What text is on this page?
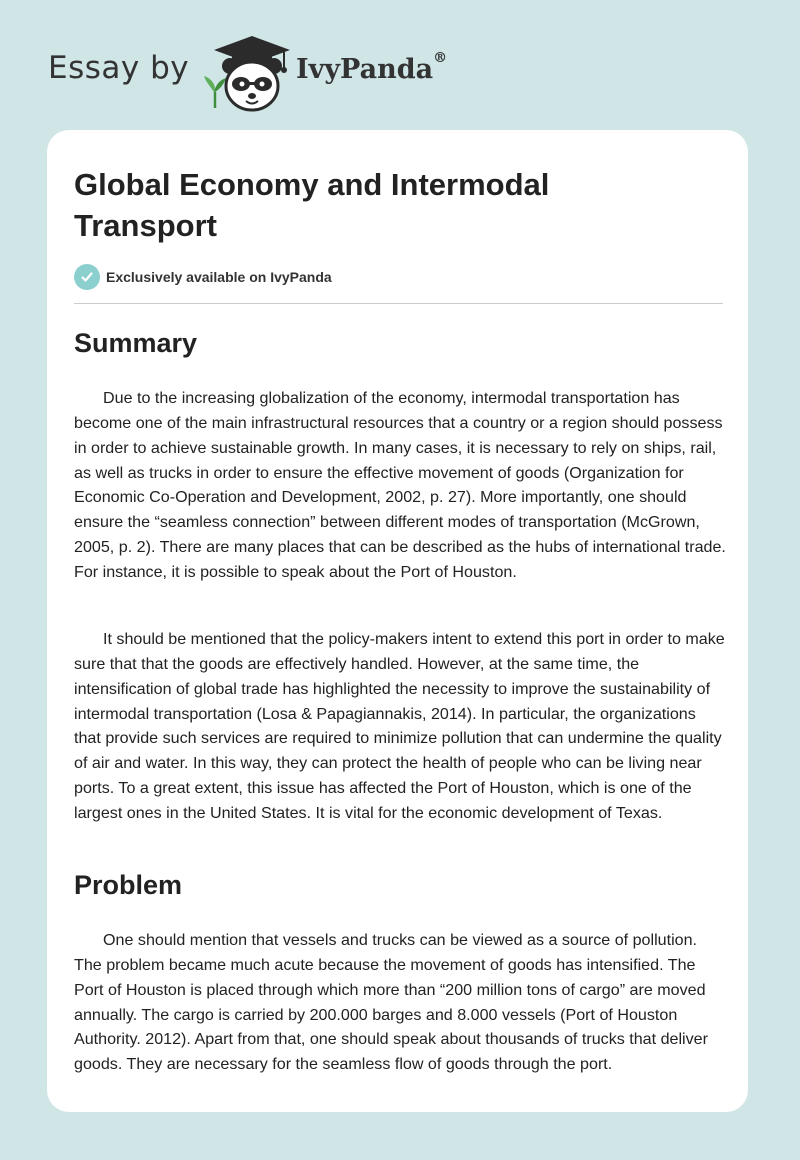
Essay by	IvyPanda®
Global Economy and Intermodal Transport
Exclusively available on IvyPanda
Summary

Due to the increasing globalization of the economy, intermodal transportation has become one of the main infrastructural resources that a country or a region should possess in order to achieve sustainable growth. In many cases, it is necessary to rely on ships, rail, as well as trucks in order to ensure the effective movement of goods (Organization for Economic Co-Operation and Development, 2002, p. 27). More importantly, one should ensure the “seamless connection” between different modes of transportation (McGrown, 2005, p. 2). There are many places that can be described as the hubs of international trade. For instance, it is possible to speak about the Port of Houston.

It should be mentioned that the policy-makers intent to extend this port in order to make sure that that the goods are effectively handled. However, at the same time, the intensification of global trade has highlighted the necessity to improve the sustainability of intermodal transportation (Losa & Papagiannakis, 2014). In particular, the organizations that provide such services are required to minimize pollution that can undermine the quality of air and water. In this way, they can protect the health of people who can be living near ports. To a great extent, this issue has affected the Port of Houston, which is one of the largest ones in the United States. It is vital for the economic development of Texas.

Problem

One should mention that vessels and trucks can be viewed as a source of pollution. The problem became much acute because the movement of goods has intensified. The Port of Houston is placed through which more than “200 million tons of cargo” are moved annually. The cargo is carried by 200.000 barges and 8.000 vessels (Port of Houston Authority. 2012). Apart from that, one should speak about thousands of trucks that deliver goods. They are necessary for the seamless flow of goods through the port.
